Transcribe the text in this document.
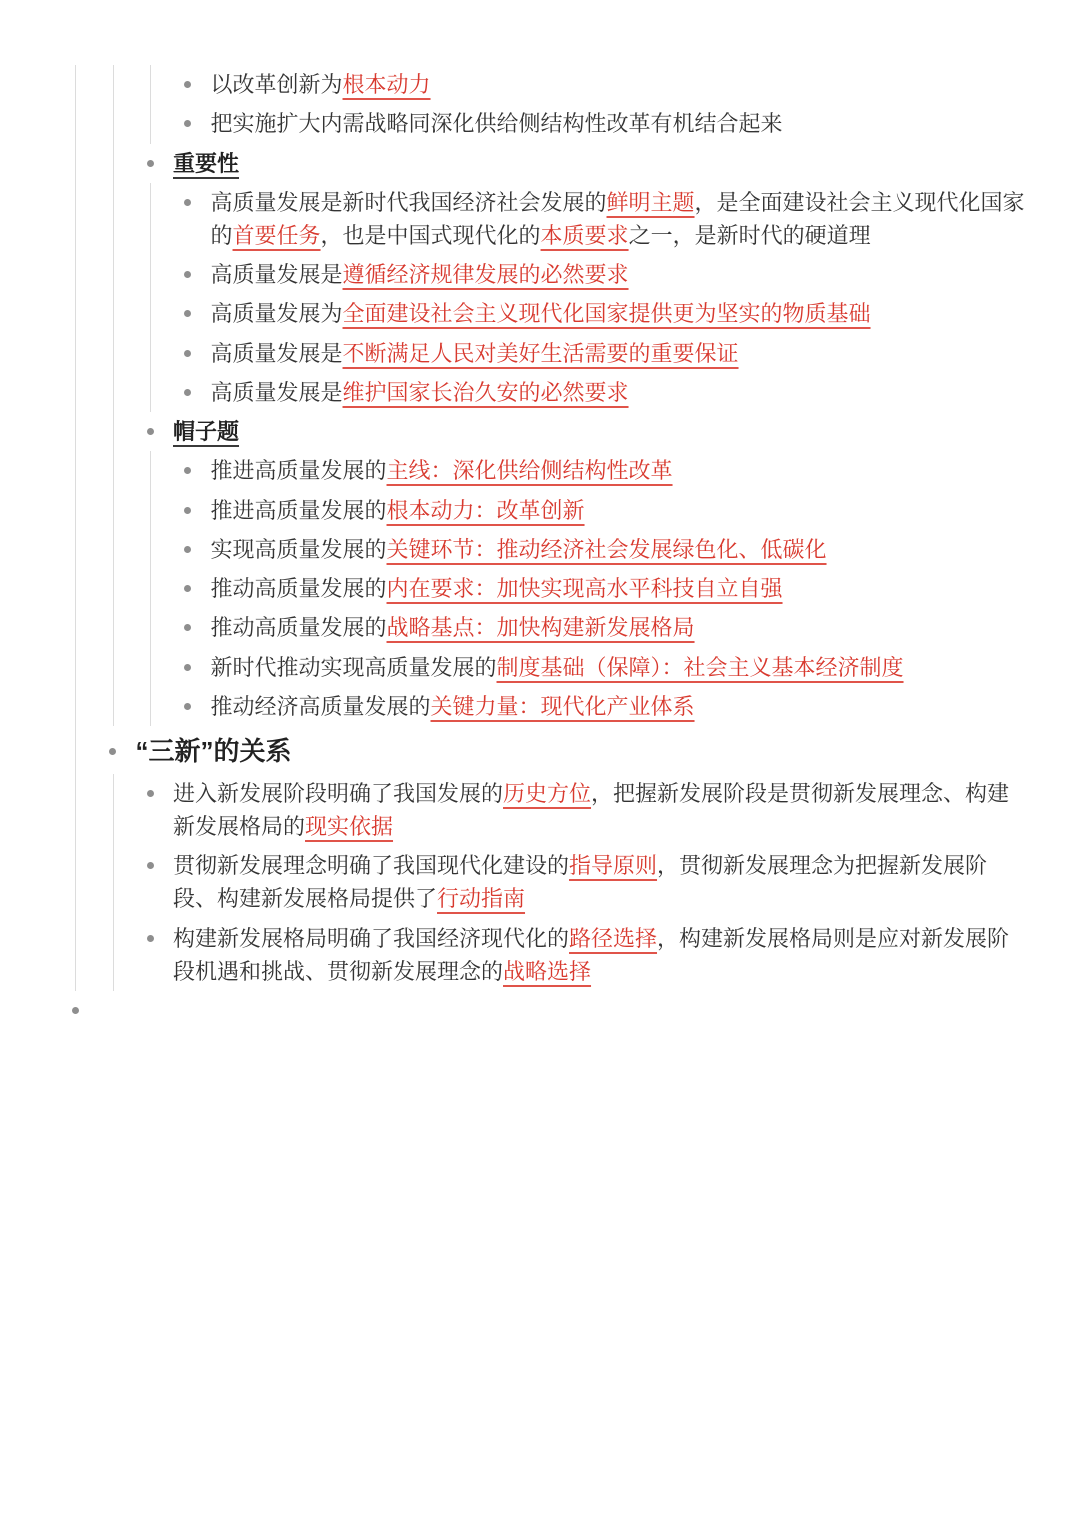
以改革创新为根本动力
把实施扩大内需战略同深化供给侧结构性改革有机结合起来
重要性
高质量发展是新时代我国经济社会发展的鲜明主题，是全面建设社会主义现代化国家的首要任务，也是中国式现代化的本质要求之一，是新时代的硬道理
高质量发展是遵循经济规律发展的必然要求
高质量发展为全面建设社会主义现代化国家提供更为坚实的物质基础
高质量发展是不断满足人民对美好生活需要的重要保证
高质量发展是维护国家长治久安的必然要求
帽子题
推进高质量发展的主线：深化供给侧结构性改革
推进高质量发展的根本动力：改革创新
实现高质量发展的关键环节：推动经济社会发展绿色化、低碳化
推动高质量发展的内在要求：加快实现高水平科技自立自强
推动高质量发展的战略基点：加快构建新发展格局
新时代推动实现高质量发展的制度基础（保障）：社会主义基本经济制度
推动经济高质量发展的关键力量：现代化产业体系
“三新”的关系
进入新发展阶段明确了我国发展的历史方位，把握新发展阶段是贯彻新发展理念、构建新发展格局的现实依据
贯彻新发展理念明确了我国现代化建设的指导原则，贯彻新发展理念为把握新发展阶段、构建新发展格局提供了行动指南
构建新发展格局明确了我国经济现代化的路径选择，构建新发展格局则是应对新发展阶段机遇和挑战、贯彻新发展理念的战略选择
